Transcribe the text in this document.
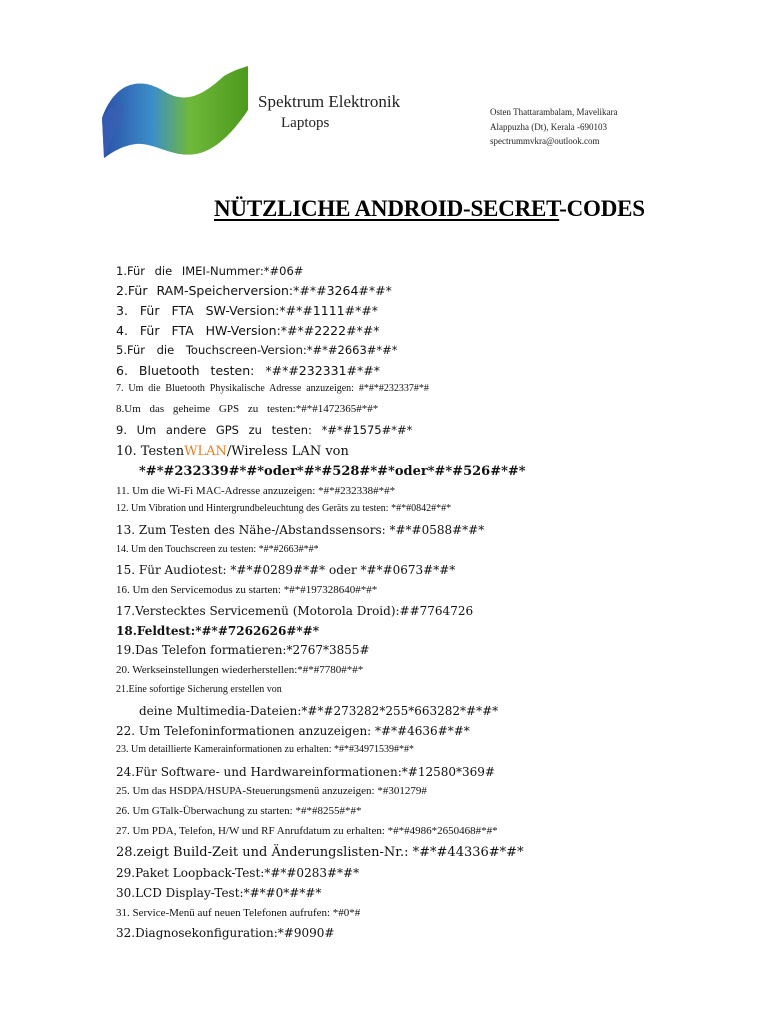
Spektrum Elektronik
Laptops
Osten Thattarambalam, Mavelikara
Alappuzha (Dt), Kerala -690103
spectrummvkra@outlook.com
NÜTZLICHE ANDROID-SECRET-CODES
1.Für die IMEI-Nummer:*#06#
2.Für RAM-Speicherversion:*#*#3264#*#*
3. Für FTA SW-Version:*#*#1111#*#*
4. Für FTA HW-Version:*#*#2222#*#*
5.Für die Touchscreen-Version:*#*#2663#*#*
6. Bluetooth testen: *#*#232331#*#*
7. Um die Bluetooth Physikalische Adresse anzuzeigen: #*#*#232337#*#
8.Um das geheime GPS zu testen:*#*#1472365#*#*
9. Um andere GPS zu testen: *#*#1575#*#*
10. TestenWLAN/Wireless LAN von
*#*#232339#*#*oder*#*#528#*#*oder*#*#526#*#*
11. Um die Wi-Fi MAC-Adresse anzuzeigen: *#*#232338#*#*
12. Um Vibration und Hintergrundbeleuchtung des Geräts zu testen: *#*#0842#*#*
13. Zum Testen des Nähe-/Abstandssensors: *#*#0588#*#*
14. Um den Touchscreen zu testen: *#*#2663#*#*
15. Für Audiotest: *#*#0289#*#* oder *#*#0673#*#*
16. Um den Servicemodus zu starten: *#*#197328640#*#*
17.Verstecktes Servicemenü (Motorola Droid):##7764726
18.Feldtest:*#*#7262626#*#*
19.Das Telefon formatieren:*2767*3855#
20. Werkseinstellungen wiederherstellen:*#*#7780#*#*
21.Eine sofortige Sicherung erstellen von
deine Multimedia-Dateien:*#*#273282*255*663282*#*#*
22. Um Telefoninformationen anzuzeigen: *#*#4636#*#*
23. Um detaillierte Kamerainformationen zu erhalten: *#*#34971539#*#*
24.Für Software- und Hardwareinformationen:*#12580*369#
25. Um das HSDPA/HSUPA-Steuerungsmenü anzuzeigen: *#301279#
26. Um GTalk-Überwachung zu starten: *#*#8255#*#*
27. Um PDA, Telefon, H/W und RF Anrufdatum zu erhalten: *#*#4986*2650468#*#*
28.zeigt Build-Zeit und Änderungslisten-Nr.: *#*#44336#*#*
29.Paket Loopback-Test:*#*#0283#*#*
30.LCD Display-Test:*#*#0*#*#*
31. Service-Menü auf neuen Telefonen aufrufen: *#0*#
32.Diagnosekonfiguration:*#9090#
